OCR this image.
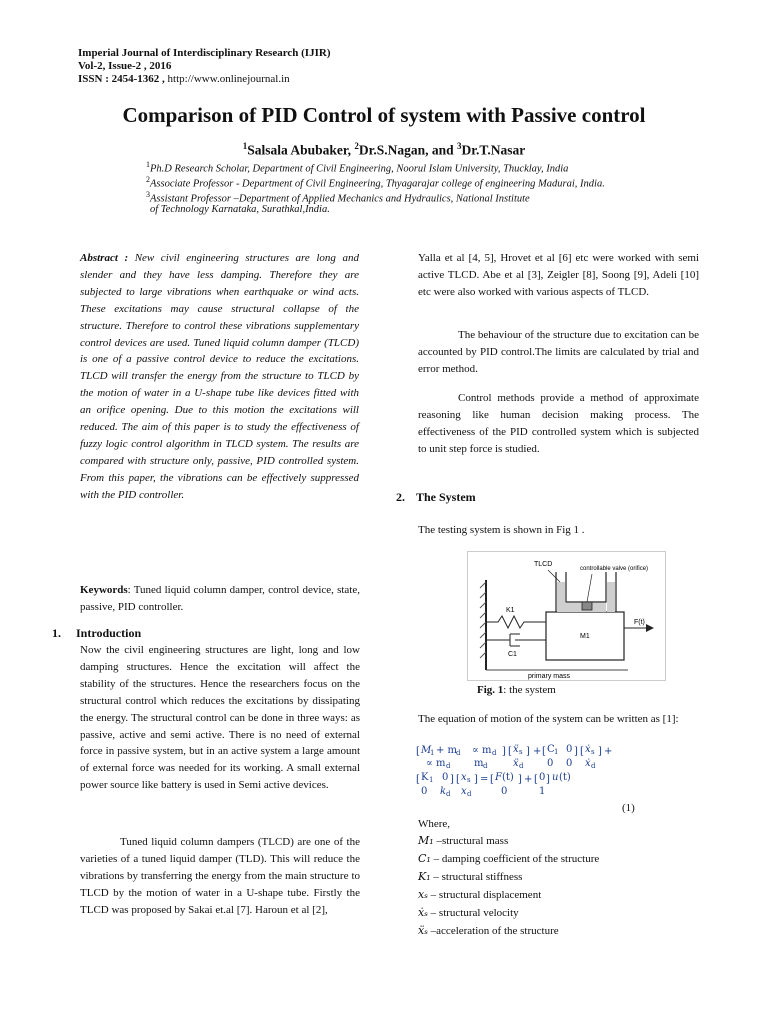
Imperial Journal of Interdisciplinary Research (IJIR)
Vol-2, Issue-2 , 2016
ISSN : 2454-1362 , http://www.onlinejournal.in
Comparison of PID Control of system with Passive control
$^1$Salsala Abubaker, $^2$Dr.S.Nagan, and $^3$Dr.T.Nasar
$^1$Ph.D Research Scholar, Department of Civil Engineering, Noorul Islam University, Thucklay, India
$^2$Associate Professor - Department of Civil Engineering, Thyagarajar college of engineering Madurai, India.
$^3$Assistant Professor –Department of Applied Mechanics and Hydraulics, National Institute
of Technology Karnataka, Surathkal,India.
Abstract : New civil engineering structures are long and slender and they have less damping. Therefore they are subjected to large vibrations when earthquake or wind acts. These excitations may cause structural collapse of the structure. Therefore to control these vibrations supplementary control devices are used. Tuned liquid column damper (TLCD) is one of a passive control device to reduce the excitations. TLCD will transfer the energy from the structure to TLCD by the motion of water in a U-shape tube like devices fitted with an orifice opening. Due to this motion the excitations will reduced. The aim of this paper is to study the effectiveness of fuzzy logic control algorithm in TLCD system. The results are compared with structure only, passive, PID controlled system. From this paper, the vibrations can be effectively suppressed with the PID controller.
Keywords: Tuned liquid column damper, control device, state, passive, PID controller.
1. Introduction

Now the civil engineering structures are light, long and low damping structures. Hence the excitation will affect the stability of the structures. Hence the researchers focus on the structural control which reduces the excitations by dissipating the energy. The structural control can be done in three ways: as passive, active and semi active. There is no need of external force in passive system, but in an active system a large amount of external force was needed for its working. A small external power source like battery is used in Semi active devices.

Tuned liquid column dampers (TLCD) are one of the varieties of a tuned liquid damper (TLD). This will reduce the vibrations by transferring the energy from the main structure to TLCD by the motion of water in a U-shape tube. Firstly the TLCD was proposed by Sakai et.al [7]. Haroun et al [2],

Yalla et al [4, 5], Hrovet et al [6] etc were worked with semi active TLCD. Abe et al [3], Zeigler [8], Soong [9], Adeli [10] etc were also worked with various aspects of TLCD.

The behaviour of the structure due to excitation can be accounted by PID control.The limits are calculated by trial and error method.

Control methods provide a method of approximate reasoning like human decision making process. The effectiveness of the PID controlled system which is subjected to unit step force is studied.

2. The System

The testing system is shown in Fig 1 .

TLCD
controllable valve (orifice)
K1
C1
M1
F(t)
primary mass
Fig. 1: the system

The equation of motion of the system can be written as [1]:

[ M
1 + m
d ∝ m d ] [ ẍ s ] + [ C 1 0 ] [ ẋ s ] +
∝ m d m d	ẍ d 0 0 ẋ d
[ K 1 0 ] [ x s ] = [ F (t) ] + [ 0 ] u (t)
0 k d x d	0	1
(1)
Where,
M₁ –structural mass
C₁ – damping coefficient of the structure
K₁ – structural stiffness
xₛ – structural displacement
ẋₛ – structural velocity
ẍₛ –acceleration of the structure
